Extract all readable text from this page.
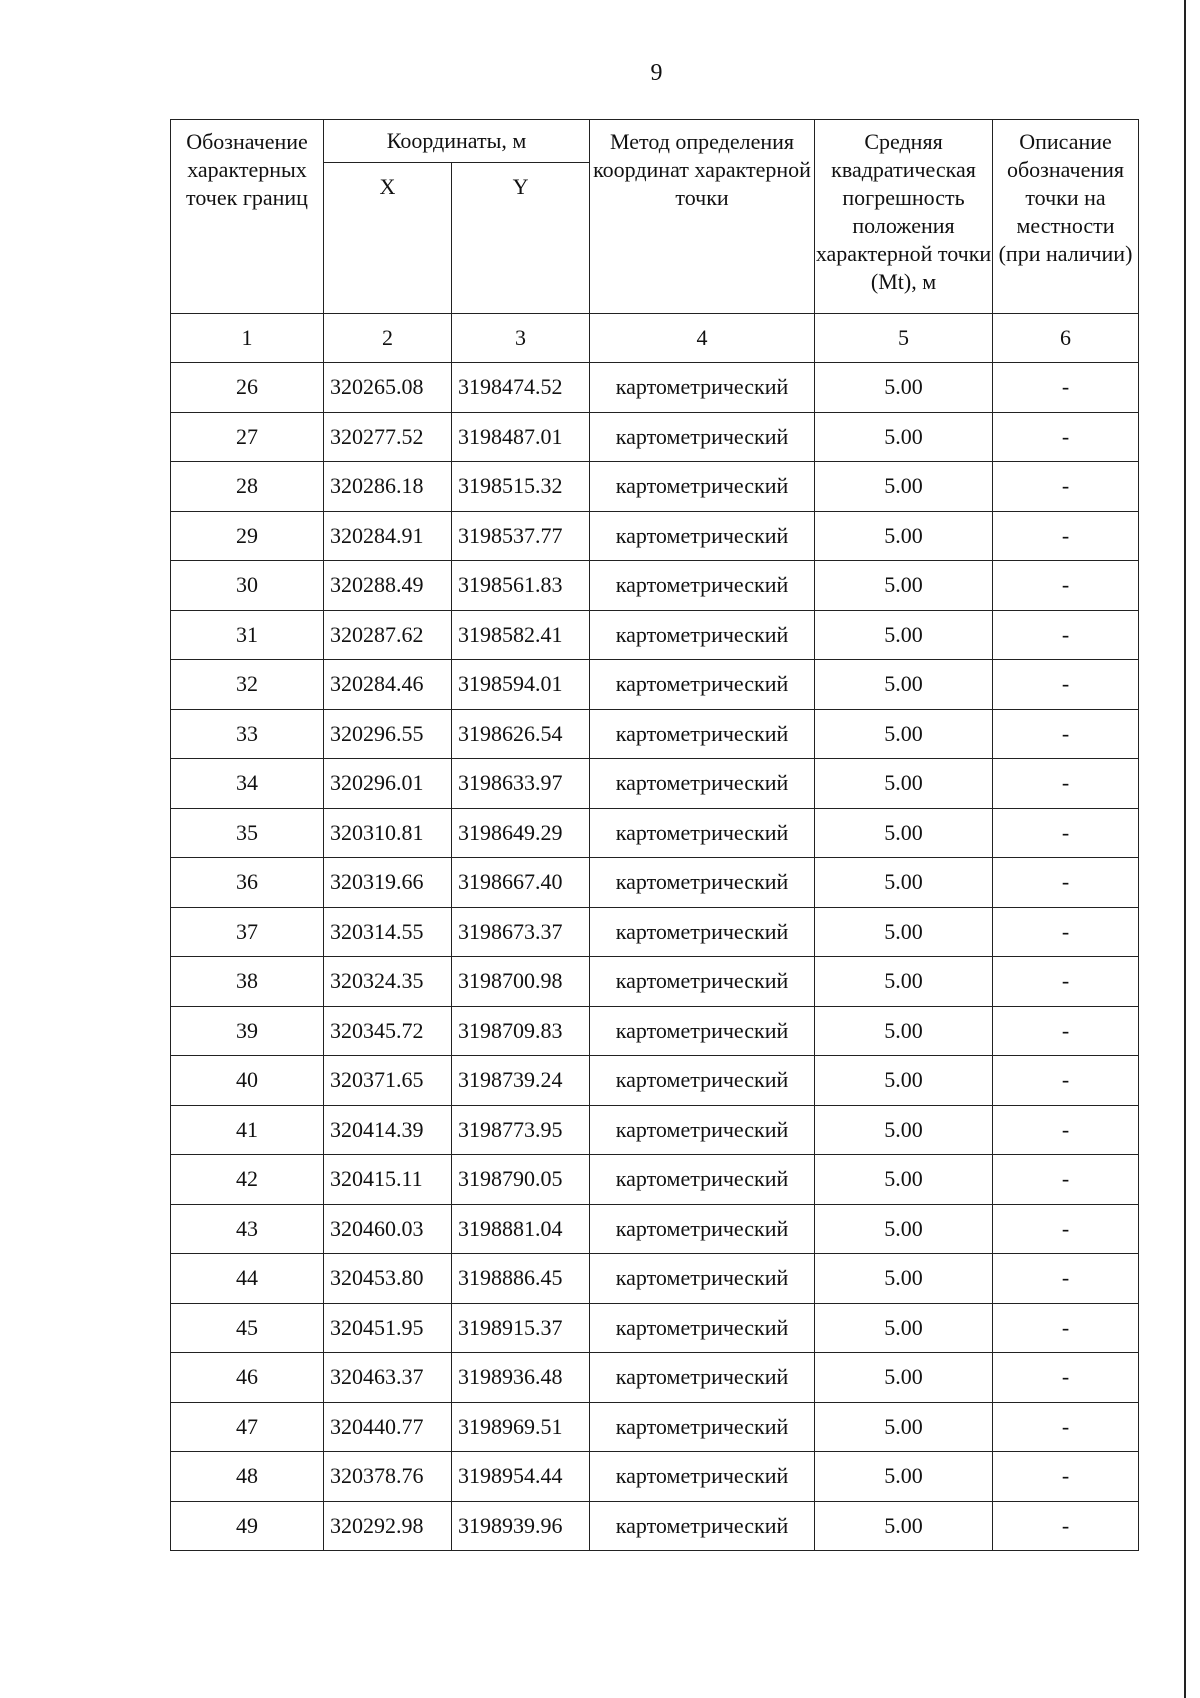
9
Обозначение характерных точек границ	Координаты, м		Метод определения координат характерной точки	Средняя квадратическая погрешность положения характерной точки (Mt), м	Описание обозначения точки на местности (при наличии)
	X	Y			
1	2	3	4	5	6
26	320265.08	3198474.52	картометрический	5.00	-
27	320277.52	3198487.01	картометрический	5.00	-
28	320286.18	3198515.32	картометрический	5.00	-
29	320284.91	3198537.77	картометрический	5.00	-
30	320288.49	3198561.83	картометрический	5.00	-
31	320287.62	3198582.41	картометрический	5.00	-
32	320284.46	3198594.01	картометрический	5.00	-
33	320296.55	3198626.54	картометрический	5.00	-
34	320296.01	3198633.97	картометрический	5.00	-
35	320310.81	3198649.29	картометрический	5.00	-
36	320319.66	3198667.40	картометрический	5.00	-
37	320314.55	3198673.37	картометрический	5.00	-
38	320324.35	3198700.98	картометрический	5.00	-
39	320345.72	3198709.83	картометрический	5.00	-
40	320371.65	3198739.24	картометрический	5.00	-
41	320414.39	3198773.95	картометрический	5.00	-
42	320415.11	3198790.05	картометрический	5.00	-
43	320460.03	3198881.04	картометрический	5.00	-
44	320453.80	3198886.45	картометрический	5.00	-
45	320451.95	3198915.37	картометрический	5.00	-
46	320463.37	3198936.48	картометрический	5.00	-
47	320440.77	3198969.51	картометрический	5.00	-
48	320378.76	3198954.44	картометрический	5.00	-
49	320292.98	3198939.96	картометрический	5.00	-
